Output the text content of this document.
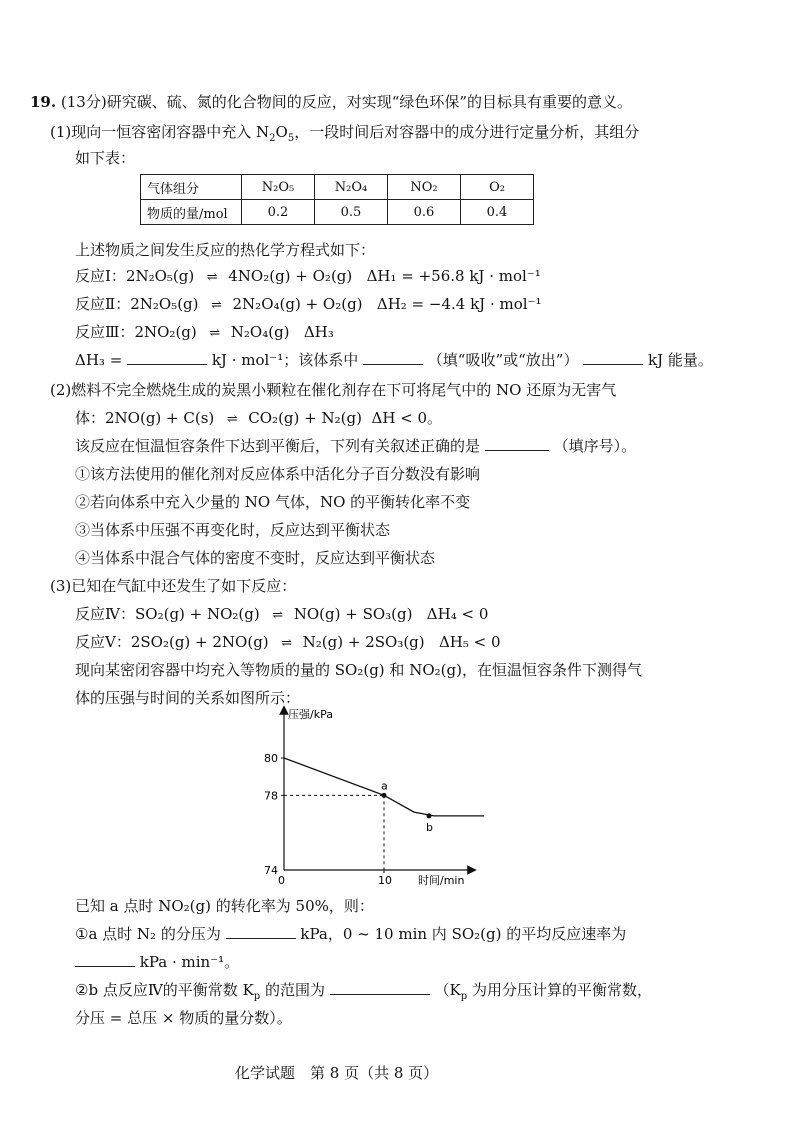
19. (13分)研究碳、硫、氮的化合物间的反应，对实现“绿色环保”的目标具有重要的意义。
(1)现向一恒容密闭容器中充入 $N_2O_5$，一段时间后对容器中的成分进行定量分析，其组分
如下表：
气体组分	N₂O₅	N₂O₄	NO₂	O₂
物质的量/mol	0.2	0.5	0.6	0.4
上述物质之间发生反应的热化学方程式如下：
反应Ⅰ：2N₂O₅(g) ⇌ 4NO₂(g) + O₂(g) ΔH₁ = +56.8 kJ · mol⁻¹
反应Ⅱ：2N₂O₅(g) ⇌ 2N₂O₄(g) + O₂(g) ΔH₂ = −4.4 kJ · mol⁻¹
反应Ⅲ：2NO₂(g) ⇌ N₂O₄(g) ΔH₃
ΔH₃ =	kJ · mol⁻¹；该体系中	（填“吸收”或“放出”）	kJ 能量。
(2)燃料不完全燃烧生成的炭黑小颗粒在催化剂存在下可将尾气中的 NO 还原为无害气
体：2NO(g) + C(s) ⇌ CO₂(g) + N₂(g) ΔH < 0。
该反应在恒温恒容条件下达到平衡后，下列有关叙述正确的是	（填序号）。
①该方法使用的催化剂对反应体系中活化分子百分数没有影响
②若向体系中充入少量的 NO 气体，NO 的平衡转化率不变
③当体系中压强不再变化时，反应达到平衡状态
④当体系中混合气体的密度不变时，反应达到平衡状态
(3)已知在气缸中还发生了如下反应：
反应Ⅳ：SO₂(g) + NO₂(g) ⇌ NO(g) + SO₃(g) ΔH₄ < 0
反应Ⅴ：2SO₂(g) + 2NO(g) ⇌ N₂(g) + 2SO₃(g) ΔH₅ < 0
现向某密闭容器中均充入等物质的量的 SO₂(g) 和 NO₂(g)，在恒温恒容条件下测得气
体的压强与时间的关系如图所示：
压强/kPa
时间/min
0
74
78
80
10
a
b
已知 a 点时 NO₂(g) 的转化率为 50%，则：
①a 点时 N₂ 的分压为	kPa，0 ~ 10 min 内 SO₂(g) 的平均反应速率为
kPa · min⁻¹。
②b 点反应Ⅳ的平衡常数 $K_p$ 的范围为	（$K_p$ 为用分压计算的平衡常数，
分压 = 总压 × 物质的量分数）。
化学试题　第 8 页（共 8 页）
